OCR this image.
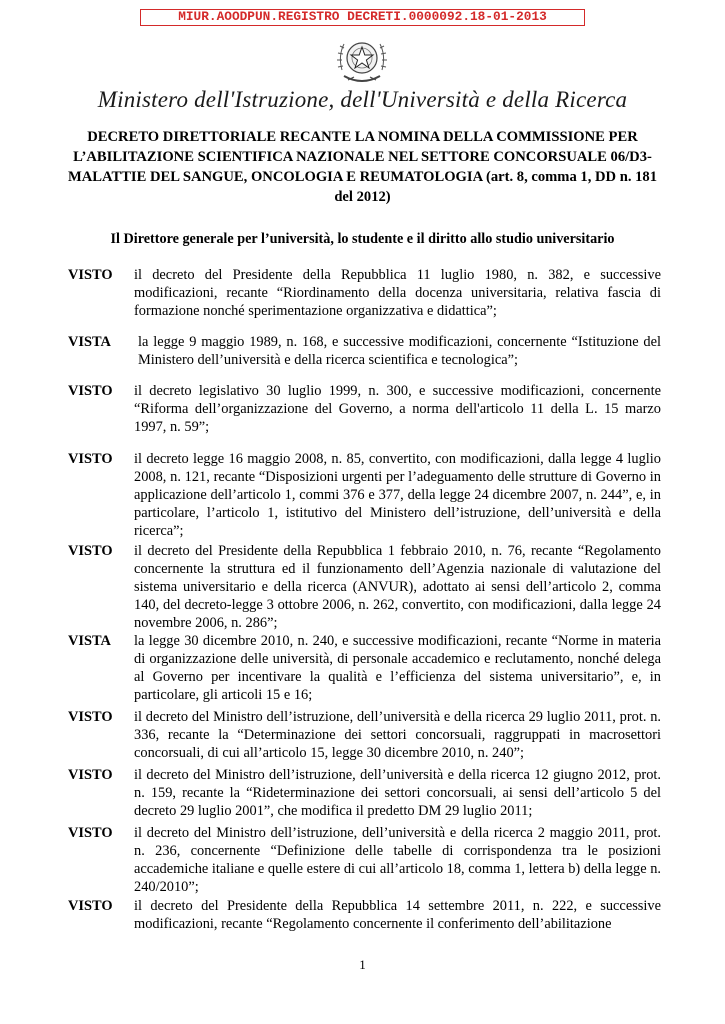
MIUR.AOODPUN.REGISTRO DECRETI.0000092.18-01-2013
Ministero dell'Istruzione, dell'Università e della Ricerca
DECRETO DIRETTORIALE RECANTE LA NOMINA DELLA COMMISSIONE PER L’ABILITAZIONE SCIENTIFICA NAZIONALE NEL SETTORE CONCORSUALE 06/D3- MALATTIE DEL SANGUE, ONCOLOGIA E REUMATOLOGIA (art. 8, comma 1, DD n. 181 del 2012)
Il Direttore generale per l’università, lo studente e il diritto allo studio universitario
VISTO il decreto del Presidente della Repubblica 11 luglio 1980, n. 382, e successive modificazioni, recante “Riordinamento della docenza universitaria, relativa fascia di formazione nonché sperimentazione organizzativa e didattica”;
VISTA la legge 9 maggio 1989, n. 168, e successive modificazioni, concernente “Istituzione del Ministero dell’università e della ricerca scientifica e tecnologica”;
VISTO il decreto legislativo 30 luglio 1999, n. 300, e successive modificazioni, concernente “Riforma dell’organizzazione del Governo, a norma dell'articolo 11 della L. 15 marzo 1997, n. 59”;
VISTO il decreto legge 16 maggio 2008, n. 85, convertito, con modificazioni, dalla legge 4 luglio 2008, n. 121, recante “Disposizioni urgenti per l’adeguamento delle strutture di Governo in applicazione dell’articolo 1, commi 376 e 377, della legge 24 dicembre 2007, n. 244”, e, in particolare, l’articolo 1, istitutivo del Ministero dell’istruzione, dell’università e della ricerca”;
VISTO il decreto del Presidente della Repubblica 1 febbraio 2010, n. 76, recante “Regolamento concernente la struttura ed il funzionamento dell’Agenzia nazionale di valutazione del sistema universitario e della ricerca (ANVUR), adottato ai sensi dell’articolo 2, comma 140, del decreto-legge 3 ottobre 2006, n. 262, convertito, con modificazioni, dalla legge 24 novembre 2006, n. 286”;
VISTA la legge 30 dicembre 2010, n. 240, e successive modificazioni, recante “Norme in materia di organizzazione delle università, di personale accademico e reclutamento, nonché delega al Governo per incentivare la qualità e l’efficienza del sistema universitario”, e, in particolare, gli articoli 15 e 16;
VISTO il decreto del Ministro dell’istruzione, dell’università e della ricerca 29 luglio 2011, prot. n. 336, recante la “Determinazione dei settori concorsuali, raggruppati in macrosettori concorsuali, di cui all’articolo 15, legge 30 dicembre 2010, n. 240”;
VISTO il decreto del Ministro dell’istruzione, dell’università e della ricerca 12 giugno 2012, prot. n. 159, recante la “Rideterminazione dei settori concorsuali, ai sensi dell’articolo 5 del decreto 29 luglio 2001”, che modifica il predetto DM 29 luglio 2011;
VISTO il decreto del Ministro dell’istruzione, dell’università e della ricerca 2 maggio 2011, prot. n. 236, concernente “Definizione delle tabelle di corrispondenza tra le posizioni accademiche italiane e quelle estere di cui all’articolo 18, comma 1, lettera b) della legge n. 240/2010”;
VISTO il decreto del Presidente della Repubblica 14 settembre 2011, n. 222, e successive modificazioni, recante “Regolamento concernente il conferimento dell’abilitazione
1
